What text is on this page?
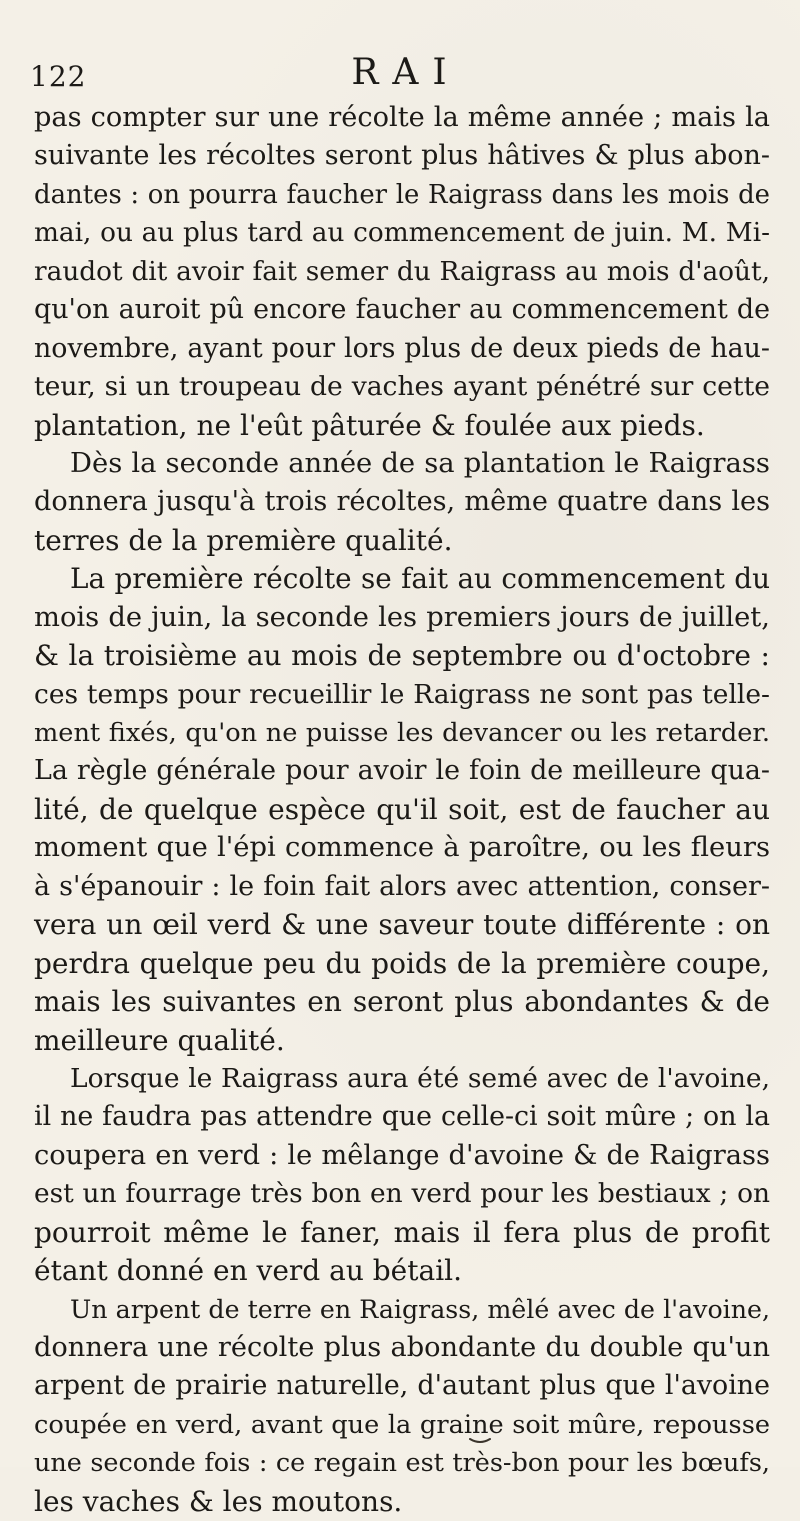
122	RAI
pas compter sur une récolte la même année ; mais la
suivante les récoltes seront plus hâtives & plus abon-
dantes : on pourra faucher le Raigrass dans les mois de
mai, ou au plus tard au commencement de juin. M. Mi-
raudot dit avoir fait semer du Raigrass au mois d'août,
qu'on auroit pû encore faucher au commencement de
novembre, ayant pour lors plus de deux pieds de hau-
teur, si un troupeau de vaches ayant pénétré sur cette
plantation, ne l'eût pâturée & foulée aux pieds.
Dès la seconde année de sa plantation le Raigrass
donnera jusqu'à trois récoltes, même quatre dans les
terres de la première qualité.
La première récolte se fait au commencement du
mois de juin, la seconde les premiers jours de juillet,
& la troisième au mois de septembre ou d'octobre :
ces temps pour recueillir le Raigrass ne sont pas telle-
ment fixés, qu'on ne puisse les devancer ou les retarder.
La règle générale pour avoir le foin de meilleure qua-
lité, de quelque espèce qu'il soit, est de faucher au
moment que l'épi commence à paroître, ou les fleurs
à s'épanouir : le foin fait alors avec attention, conser-
vera un œil verd & une saveur toute différente : on
perdra quelque peu du poids de la première coupe,
mais les suivantes en seront plus abondantes & de
meilleure qualité.
Lorsque le Raigrass aura été semé avec de l'avoine,
il ne faudra pas attendre que celle-ci soit mûre ; on la
coupera en verd : le mêlange d'avoine & de Raigrass
est un fourrage très bon en verd pour les bestiaux ; on
pourroit même le faner, mais il fera plus de profit
étant donné en verd au bétail.
Un arpent de terre en Raigrass, mêlé avec de l'avoine,
donnera une récolte plus abondante du double qu'un
arpent de prairie naturelle, d'autant plus que l'avoine
coupée en verd, avant que la graine soit mûre, repousse
une seconde fois : ce regain est très-bon pour les bœufs,
les vaches & les moutons.
